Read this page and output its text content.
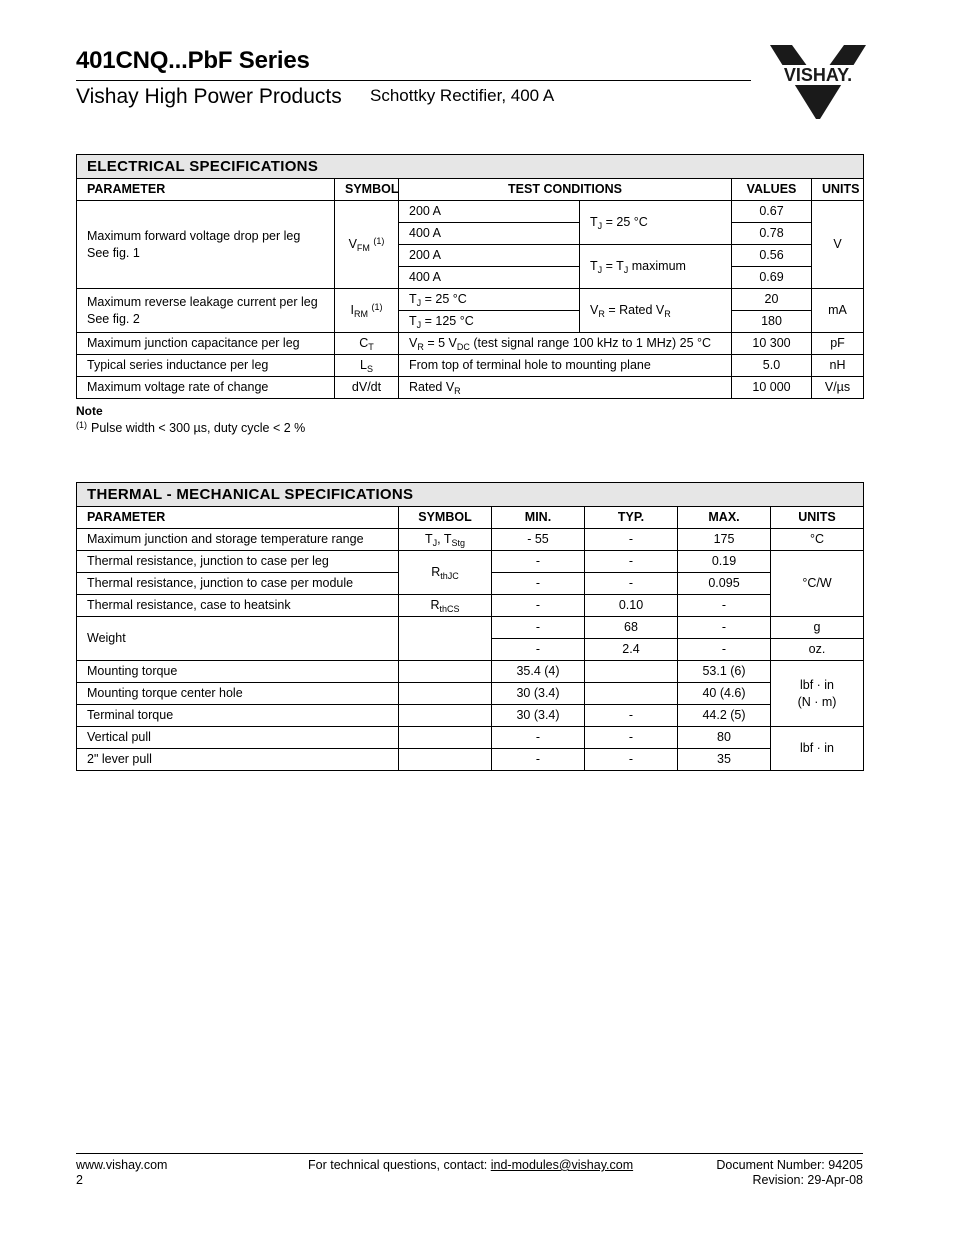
401CNQ...PbF Series
Vishay High Power Products Schottky Rectifier, 400 A
VISHAY.
ELECTRICAL SPECIFICATIONS					
PARAMETER	SYMBOL	TEST CONDITIONS		VALUES	UNITS

Maximum forward voltage drop per leg
See fig. 1	$V_{FM}$ $^{(1)}$	200 A	$T_J = 25$ °C	0.67	V
		400 A		0.78	
		200 A	$T_J = T_J$ maximum	0.56	
		400 A		0.69	

Maximum reverse leakage current per leg
See fig. 2	$I_{RM}$ $^{(1)}$	$T_J = 25$ °C	$V_R$ = Rated $V_R$	20	mA
		$T_J = 125$ °C		180	
Maximum junction capacitance per leg	$C_T$	$V_R = 5$ $V_{DC}$ (test signal range 100 kHz to 1 MHz) 25 °C		10 300	pF
Typical series inductance per leg	$L_S$	From top of terminal hole to mounting plane		5.0	nH
Maximum voltage rate of change	dV/dt	Rated $V_R$		10 000	V/µs
Note
$^{(1)}$ Pulse width < 300 µs, duty cycle < 2 %
THERMAL - MECHANICAL SPECIFICATIONS					
PARAMETER	SYMBOL	MIN.	TYP.	MAX.	UNITS
Maximum junction and storage temperature range	$T_J$, $T_{Stg}$	- 55	-	175	°C
Thermal resistance, junction to case per leg	$R_{thJC}$	-	-	0.19	°C/W
Thermal resistance, junction to case per module		-	-	0.095	
Thermal resistance, case to heatsink	$R_{thCS}$	-	0.10	-	
Weight		-	68	-	g
		-	2.4	-	oz.
Mounting torque		35.4 (4)		53.1 (6)	lbf · in
(N · m)

Mounting torque center hole		30 (3.4)		40 (4.6)	
Terminal torque		30 (3.4)	-	44.2 (5)	
Vertical pull		-	-	80	lbf · in
2" lever pull		-	-	35	
www.vishay.com
2
For technical questions, contact: ind-modules@vishay.com	Document Number: 94205
Revision: 29-Apr-08
